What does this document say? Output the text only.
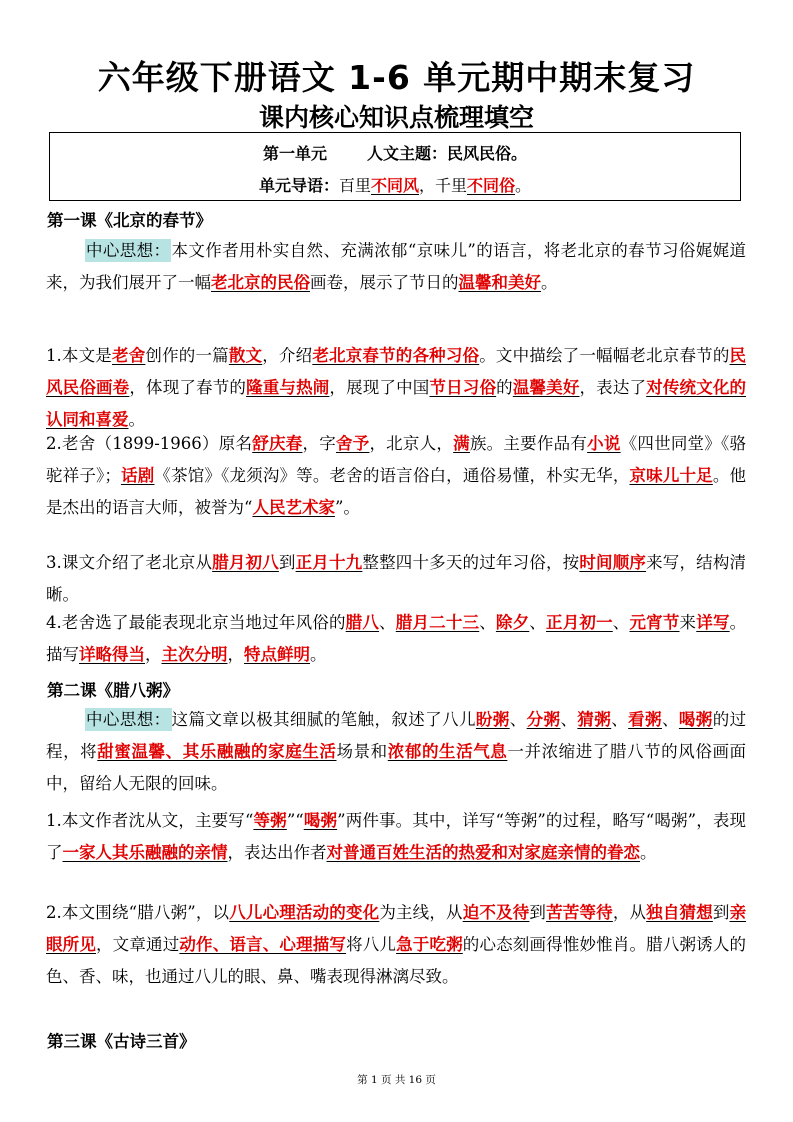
六年级下册语文 1-6 单元期中期末复习
课内核心知识点梳理填空
第一单元	人文主题：民风民俗。
单元导语：百里不同风，千里不同俗。
第一课《北京的春节》
中心思想：本文作者用朴实自然、充满浓郁“京味儿”的语言，将老北京的春节习俗娓娓道来，为我们展开了一幅老北京的民俗画卷，展示了节日的温馨和美好。
1.本文是老舍创作的一篇散文，介绍老北京春节的各种习俗。文中描绘了一幅幅老北京春节的民风民俗画卷，体现了春节的隆重与热闹，展现了中国节日习俗的温馨美好，表达了对传统文化的认同和喜爱。
2.老舍（1899-1966）原名舒庆春，字舍予，北京人，满族。主要作品有小说《四世同堂》《骆驼祥子》；话剧《茶馆》《龙须沟》等。老舍的语言俗白，通俗易懂，朴实无华，京味儿十足。他是杰出的语言大师，被誉为“人民艺术家”。
3.课文介绍了老北京从腊月初八到正月十九整整四十多天的过年习俗，按时间顺序来写，结构清晰。
4.老舍选了最能表现北京当地过年风俗的腊八、腊月二十三、除夕、正月初一、元宵节来详写。描写详略得当，主次分明，特点鲜明。
第二课《腊八粥》
中心思想：这篇文章以极其细腻的笔触，叙述了八儿盼粥、分粥、猜粥、看粥、喝粥的过程，将甜蜜温馨、其乐融融的家庭生活场景和浓郁的生活气息一并浓缩进了腊八节的风俗画面中，留给人无限的回味。
1.本文作者沈从文，主要写“等粥”“喝粥”两件事。其中，详写“等粥”的过程，略写“喝粥”，表现了一家人其乐融融的亲情，表达出作者对普通百姓生活的热爱和对家庭亲情的眷恋。
2.本文围绕“腊八粥”，以八儿心理活动的变化为主线，从迫不及待到苦苦等待，从独自猜想到亲眼所见，文章通过动作、语言、心理描写将八儿急于吃粥的心态刻画得惟妙惟肖。腊八粥诱人的色、香、味，也通过八儿的眼、鼻、嘴表现得淋漓尽致。
第三课《古诗三首》
第 1 页 共 16 页
